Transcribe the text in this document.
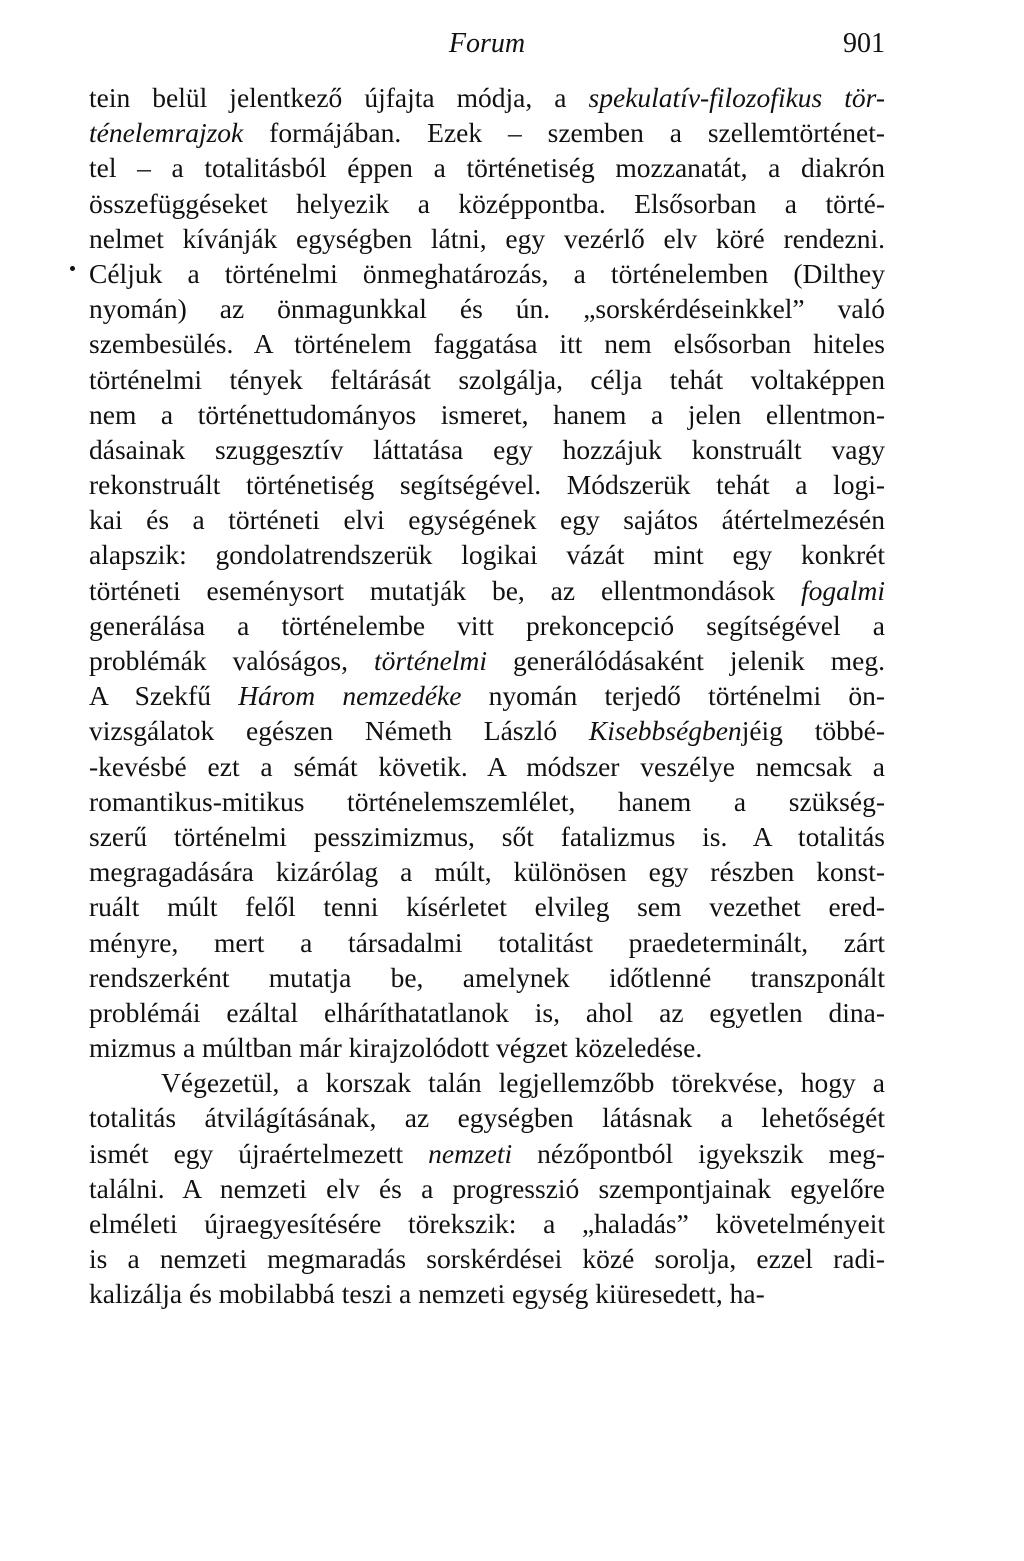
Forum	901
tein belül jelentkező újfajta módja, a spekulatív-filozofikus tör-
ténelemrajzok formájában. Ezek – szemben a szellemtörténet-
tel – a totalitásból éppen a történetiség mozzanatát, a diakrón
összefüggéseket helyezik a középpontba. Elsősorban a törté-
nelmet kívánják egységben látni, egy vezérlő elv köré rendezni.
Céljuk a történelmi önmeghatározás, a történelemben (Dilthey
nyomán) az önmagunkkal és ún. „sorskérdéseinkkel” való
szembesülés. A történelem faggatása itt nem elsősorban hiteles
történelmi tények feltárását szolgálja, célja tehát voltaképpen
nem a történettudományos ismeret, hanem a jelen ellentmon-
dásainak szuggesztív láttatása egy hozzájuk konstruált vagy
rekonstruált történetiség segítségével. Módszerük tehát a logi-
kai és a történeti elvi egységének egy sajátos átértelmezésén
alapszik: gondolatrendszerük logikai vázát mint egy konkrét
történeti eseménysort mutatják be, az ellentmondások fogalmi
generálása a történelembe vitt prekoncepció segítségével a
problémák valóságos, történelmi generálódásaként jelenik meg.
A Szekfű Három nemzedéke nyomán terjedő történelmi ön-
vizsgálatok egészen Németh László Kisebbségbenjéig többé-
-kevésbé ezt a sémát követik. A módszer veszélye nemcsak a
romantikus-mitikus történelemszemlélet, hanem a szükség-
szerű történelmi pesszimizmus, sőt fatalizmus is. A totalitás
megragadására kizárólag a múlt, különösen egy részben konst-
ruált múlt felől tenni kísérletet elvileg sem vezethet ered-
ményre, mert a társadalmi totalitást praedeterminált, zárt
rendszerként mutatja be, amelynek időtlenné transzponált
problémái ezáltal elháríthatatlanok is, ahol az egyetlen dina-
mizmus a múltban már kirajzolódott végzet közeledése.
Végezetül, a korszak talán legjellemzőbb törekvése, hogy a
totalitás átvilágításának, az egységben látásnak a lehetőségét
ismét egy újraértelmezett nemzeti nézőpontból igyekszik meg-
találni. A nemzeti elv és a progresszió szempontjainak egyelőre
elméleti újraegyesítésére törekszik: a „haladás” követelményeit
is a nemzeti megmaradás sorskérdései közé sorolja, ezzel radi-
kalizálja és mobilabbá teszi a nemzeti egység kiüresedett, ha-
